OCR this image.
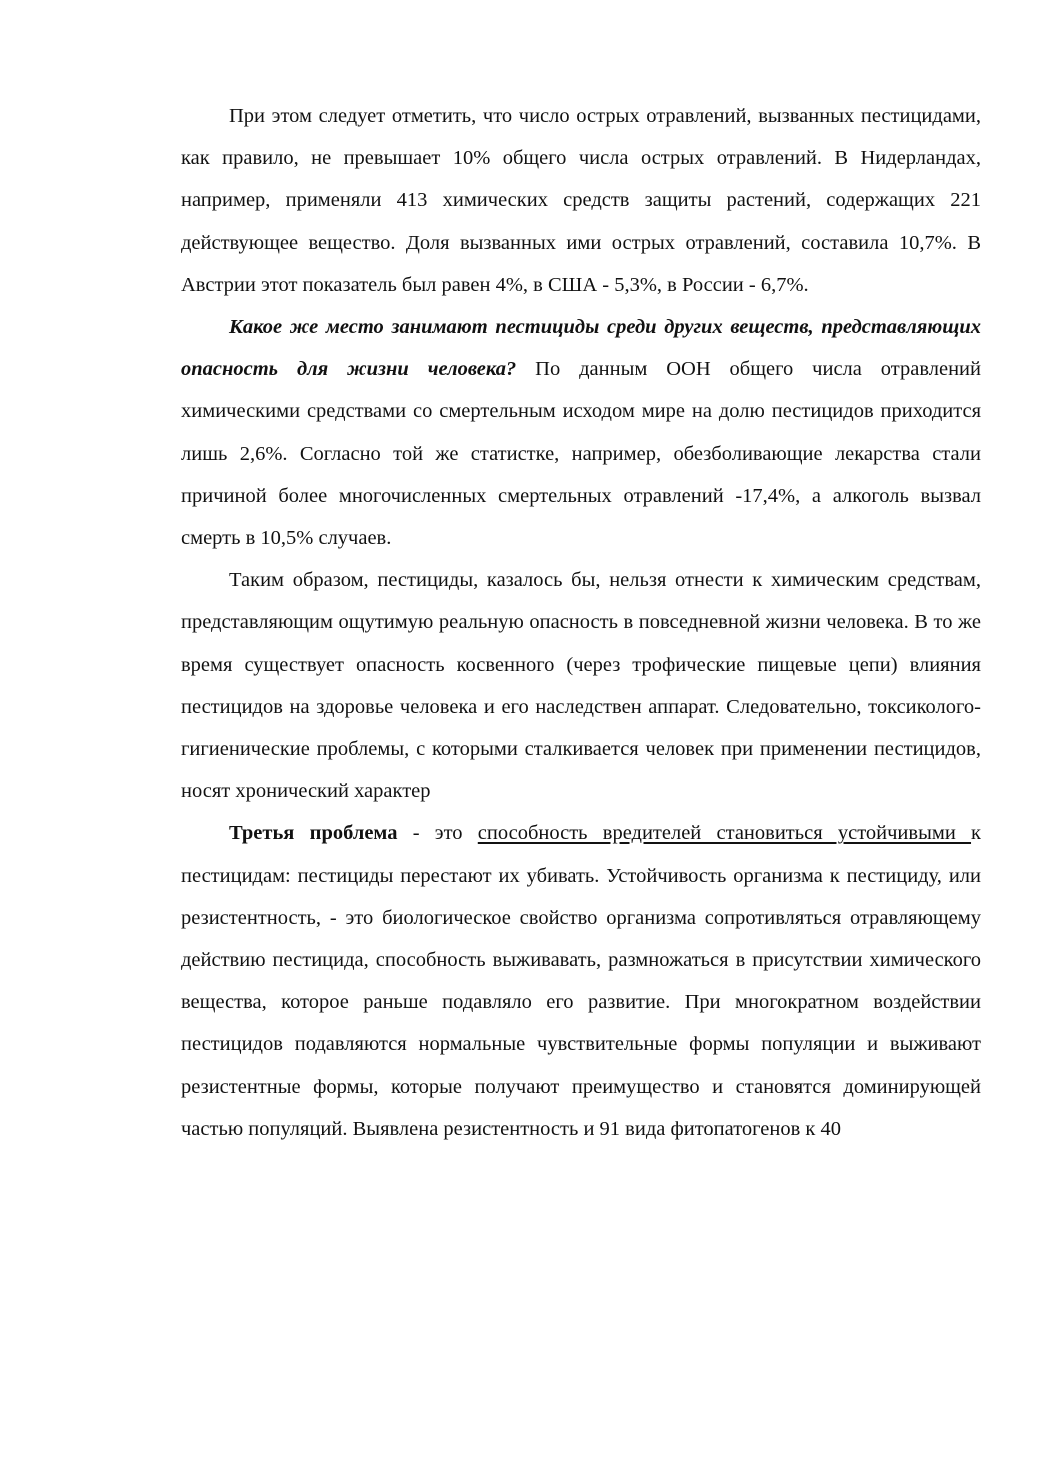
При этом следует отметить, что число острых отравлений, вызванных пестицидами, как правило, не превышает 10% общего числа острых отравлений. В Нидерландах, например, применяли 413 химических средств защиты растений, содержащих 221 действующее вещество. Доля вызванных ими острых отравлений, составила 10,7%. В Австрии этот показатель был равен 4%, в США - 5,3%, в России - 6,7%.

Какое же место занимают пестициды среди других веществ, представляющих опасность для жизни человека? По данным ООН общего числа отравлений химическими средствами со смертельным исходом мире на долю пестицидов приходится лишь 2,6%. Согласно той же статистке, например, обезболивающие лекарства стали причиной более многочисленных смертельных отравлений -17,4%, а алкоголь вызвал смерть в 10,5% случаев.

Таким образом, пестициды, казалось бы, нельзя отнести к химическим средствам, представляющим ощутимую реальную опасность в повседневной жизни человека. В то же время существует опасность косвенного (через трофические пищевые цепи) влияния пестицидов на здоровье человека и его наследствен аппарат. Следовательно, токсиколого-гигиенические проблемы, с которыми сталкивается человек при применении пестицидов, носят хронический характер

Третья проблема - это способность вредителей становиться устойчивыми к пестицидам: пестициды перестают их убивать. Устойчивость организма к пестициду, или резистентность, - это биологическое свойство организма сопротивляться отравляющему действию пестицида, способность выживавать, размножаться в присутствии химического вещества, которое раньше подавляло его развитие. При многократном воздействии пестицидов подавляются нормальные чувствительные формы популяции и выживают резистентные формы, которые получают преимущество и становятся доминирующей частью популяций. Выявлена резистентность и 91 вида фитопатогенов к 40
